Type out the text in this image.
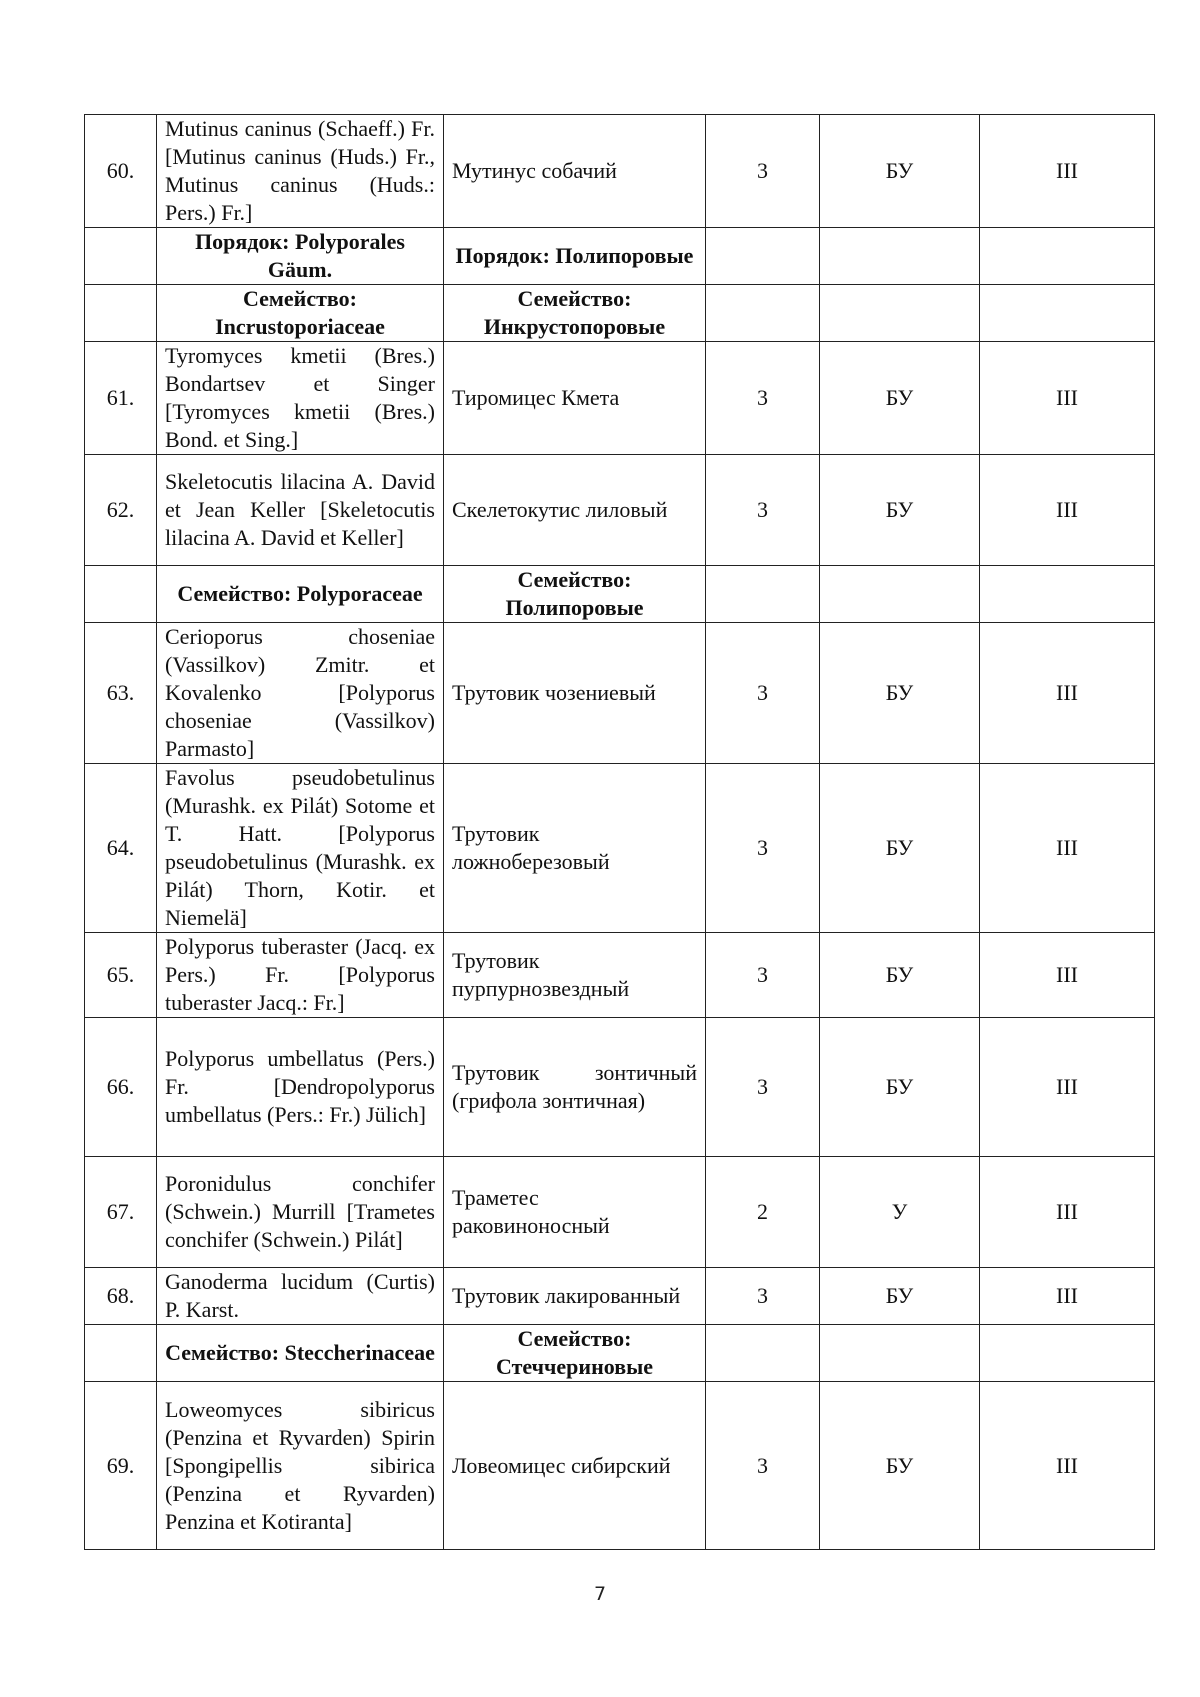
60.	Mutinus caninus (Schaeff.) Fr. [Mutinus caninus (Huds.) Fr., Mutinus caninus (Huds.: Pers.) Fr.]	Мутинус собачий	3	БУ	III
	Порядок: Polyporales Gäum.	Порядок: Полипоровые			
	Семейство: Incrustoporiaceae	Семейство: Инкрустопоровые			
61.	Tyromyces kmetii (Bres.) Bondartsev et Singer [Tyromyces kmetii (Bres.) Bond. et Sing.]	Тиромицес Кмета	3	БУ	III
62.	Skeletocutis lilacina A. David et Jean Keller [Skeletocutis lilacina A. David et Keller]	Скелетокутис лиловый	3	БУ	III
	Семейство: Polyporaceae	Семейство: Полипоровые			
63.	Cerioporus choseniae (Vassilkov) Zmitr. et Kovalenko [Polyporus choseniae (Vassilkov) Parmasto]	Трутовик чозениевый	3	БУ	III
64.	Favolus pseudobetulinus (Murashk. ex Pilát) Sotome et T. Hatt. [Polyporus pseudobetulinus (Murashk. ex Pilát) Thorn, Kotir. et Niemelä]	Трутовик ложноберезовый	3	БУ	III
65.	Polyporus tuberaster (Jacq. ex Pers.) Fr. [Polyporus tuberaster Jacq.: Fr.]	Трутовик пурпурнозвездный	3	БУ	III
66.	Polyporus umbellatus (Pers.) Fr. [Dendropolyporus umbellatus (Pers.: Fr.) Jülich]	Трутовик зонтичный (грифола зонтичная)	3	БУ	III
67.	Poronidulus conchifer (Schwein.) Murrill [Trametes conchifer (Schwein.) Pilát]	Траметес раковиноносный	2	У	III
68.	Ganoderma lucidum (Curtis) P. Karst.	Трутовик лакированный	3	БУ	III
	Семейство: Steccherinaceae	Семейство: Стеччериновые			
69.	Loweomyces sibiricus (Penzina et Ryvarden) Spirin [Spongipellis sibirica (Penzina et Ryvarden) Penzina et Kotiranta]	Ловеомицес сибирский	3	БУ	III
7
